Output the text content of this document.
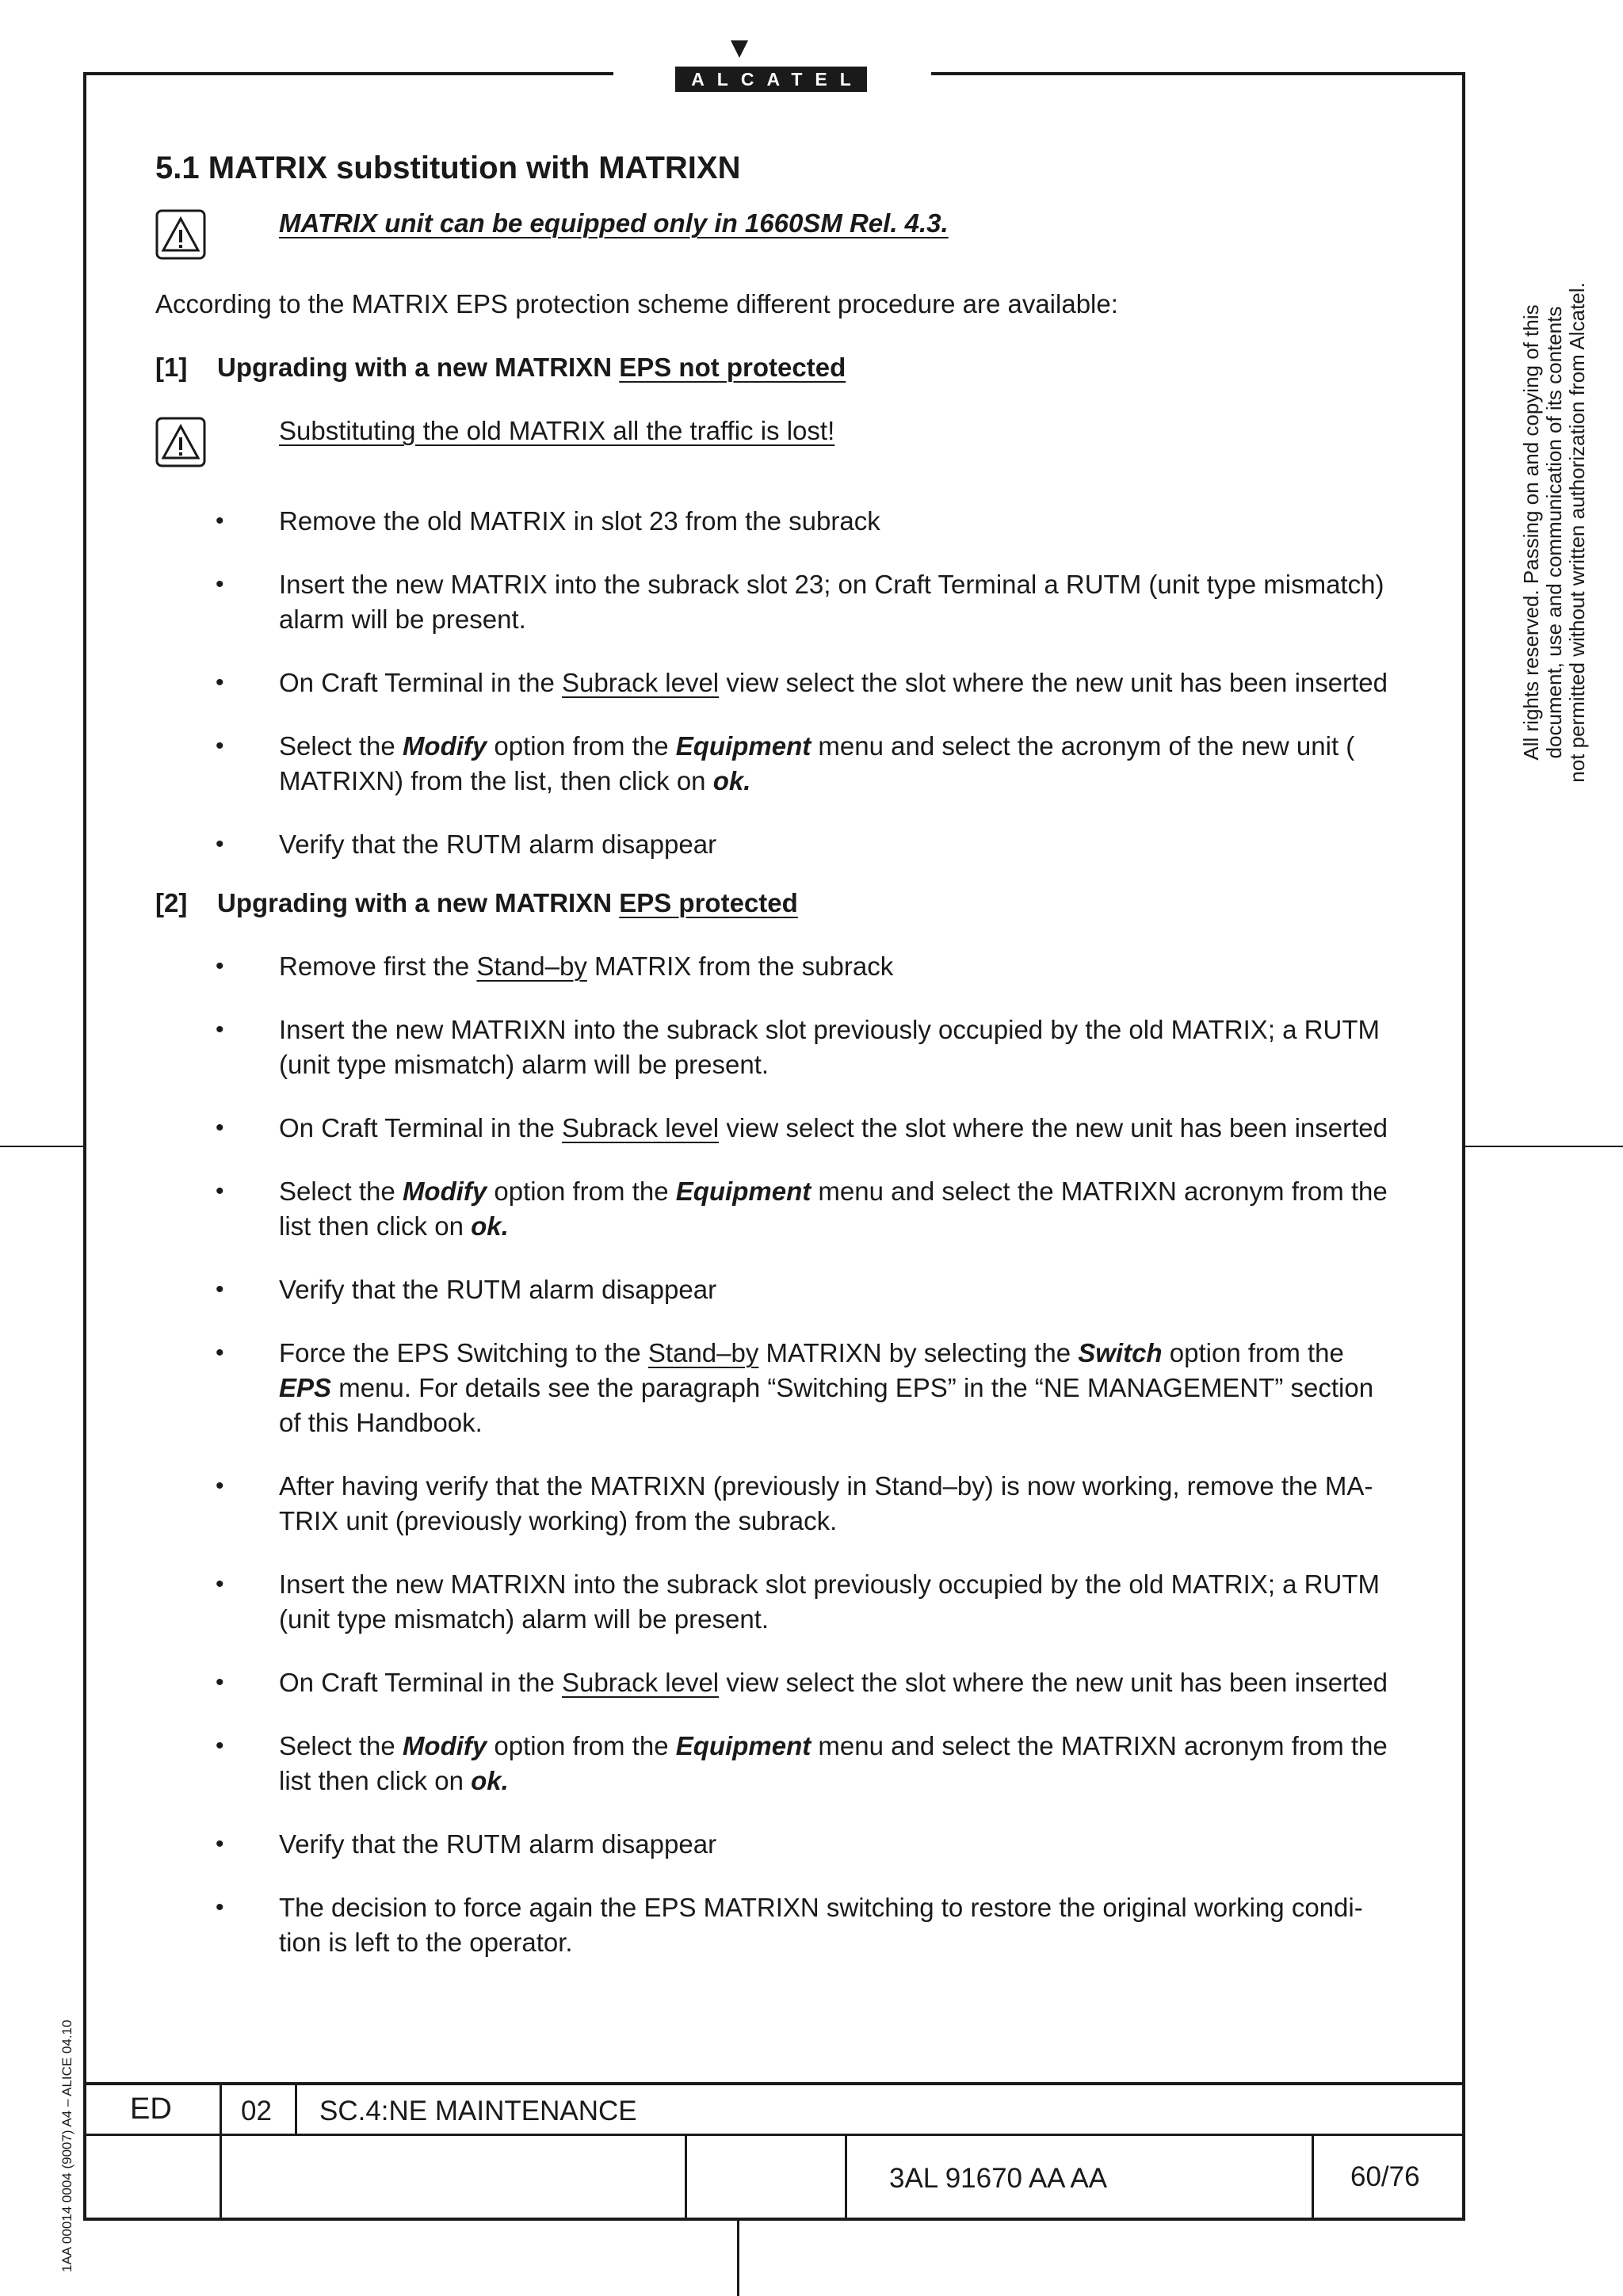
ALCATEL
All rights reserved. Passing on and copying of this document, use and communication of its contents not permitted without written authorization from Alcatel.
1AA 00014 0004 (9007) A4 – ALICE 04.10
5.1 MATRIX substitution with MATRIXN
MATRIX unit can be equipped only in 1660SM Rel. 4.3.
According to the MATRIX EPS protection scheme different procedure are available:
[1] Upgrading with a new MATRIXN EPS not protected
Substituting the old MATRIX all the traffic is lost!
• Remove the old MATRIX in slot 23 from the subrack
• Insert the new MATRIX into the subrack slot 23; on Craft Terminal a RUTM (unit type mismatch) alarm will be present.
• On Craft Terminal in the Subrack level view select the slot where the new unit has been inserted
• Select the Modify option from the Equipment menu and select the acronym of the new unit ( MATRIXN) from the list, then click on ok.
• Verify that the RUTM alarm disappear
[2] Upgrading with a new MATRIXN EPS protected
• Remove first the Stand–by MATRIX from the subrack
• Insert the new MATRIXN into the subrack slot previously occupied by the old MATRIX; a RUTM (unit type mismatch) alarm will be present.
• On Craft Terminal in the Subrack level view select the slot where the new unit has been inserted
• Select the Modify option from the Equipment menu and select the MATRIXN acronym from the list then click on ok.
• Verify that the RUTM alarm disappear
• Force the EPS Switching to the Stand–by MATRIXN by selecting the Switch option from the EPS menu. For details see the paragraph “Switching EPS” in the “NE MANAGEMENT” section of this Handbook.
• After having verify that the MATRIXN (previously in Stand–by) is now working, remove the MA-TRIX unit (previously working) from the subrack.
• Insert the new MATRIXN into the subrack slot previously occupied by the old MATRIX; a RUTM (unit type mismatch) alarm will be present.
• On Craft Terminal in the Subrack level view select the slot where the new unit has been inserted
• Select the Modify option from the Equipment menu and select the MATRIXN acronym from the list then click on ok.
• Verify that the RUTM alarm disappear
• The decision to force again the EPS MATRIXN switching to restore the original working condi-tion is left to the operator.
ED 02 SC.4:NE MAINTENANCE
3AL 91670 AA AA	60/76
